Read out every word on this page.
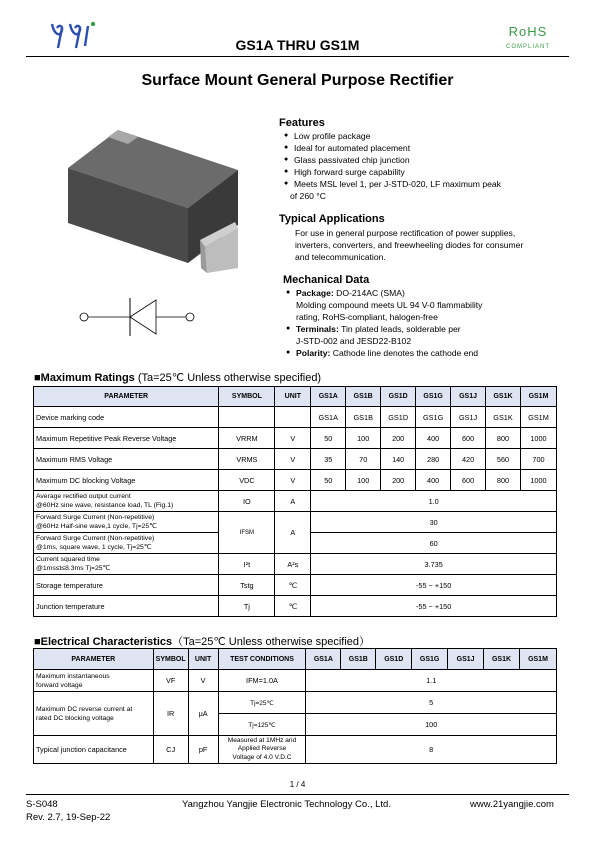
GS1A THRU GS1M
RoHS
COMPLIANT
Surface Mount General Purpose Rectifier
Features
● Low profile package
● Ideal for automated placement
● Glass passivated chip junction
● High forward surge capability
● Meets MSL level 1, per J-STD-020, LF maximum peak
of 260 °C
Typical Applications
For use in general purpose rectification of power supplies,
inverters, converters, and freewheeling diodes for consumer
and telecommunication.
Mechanical Data
● Package: DO-214AC (SMA)
Molding compound meets UL 94 V-0 flammability
rating, RoHS-compliant, halogen-free
● Terminals: Tin plated leads, solderable per
J-STD-002 and JESD22-B102
● Polarity: Cathode line denotes the cathode end
■Maximum Ratings (Ta=25℃ Unless otherwise specified)
PARAMETER	SYMBOL	UNIT	GS1A	GS1B	GS1D	GS1G	GS1J	GS1K	GS1M
Device marking code			GS1A	GS1B	GS1D	GS1G	GS1J	GS1K	GS1M
Maximum Repetitive Peak Reverse Voltage	VRRM	V	50	100	200	400	600	800	1000
Maximum RMS Voltage	VRMS	V	35	70	140	280	420	560	700
Maximum DC blocking Voltage	VDC	V	50	100	200	400	600	800	1000

Average rectified output current
@60Hz sine wave, resistance load, TL (Fig.1)	IO	A	1.0						

Forward Surge Current (Non-repetitive)
@60Hz Half-sine wave,1 cycle, Tj=25℃	IFSM	A	30						

Forward Surge Current (Non-repetitive)
@1ms, square wave, 1 cycle, Tj=25℃			60						

Current squared time
@1ms≤t≤8.3ms Tj=25℃	I²t	A²s	3.735						
Storage temperature	Tstg	℃	-55 ~ +150						
Junction temperature	Tj	℃	-55 ~ +150						
■Electrical Characteristics（Ta=25℃ Unless otherwise specified）
PARAMETER	SYMBOL	UNIT	TEST CONDITIONS	GS1A	GS1B	GS1D	GS1G	GS1J	GS1K	GS1M

Maximum instantaneous
forward voltage	VF	V	IFM=1.0A	1.1						

Maximum DC reverse current at
rated DC blocking voltage	IR	μA	Tj=25℃	5						
			Tj=125℃	100						
Typical junction capacitance	CJ	pF	Measured at 1MHz and
Applied Reverse
Voltage of 4.0 V.D.C	8						
1 / 4
S-S048	Yangzhou Yangjie Electronic Technology Co., Ltd.	www.21yangjie.com
Rev. 2.7, 19-Sep-22
